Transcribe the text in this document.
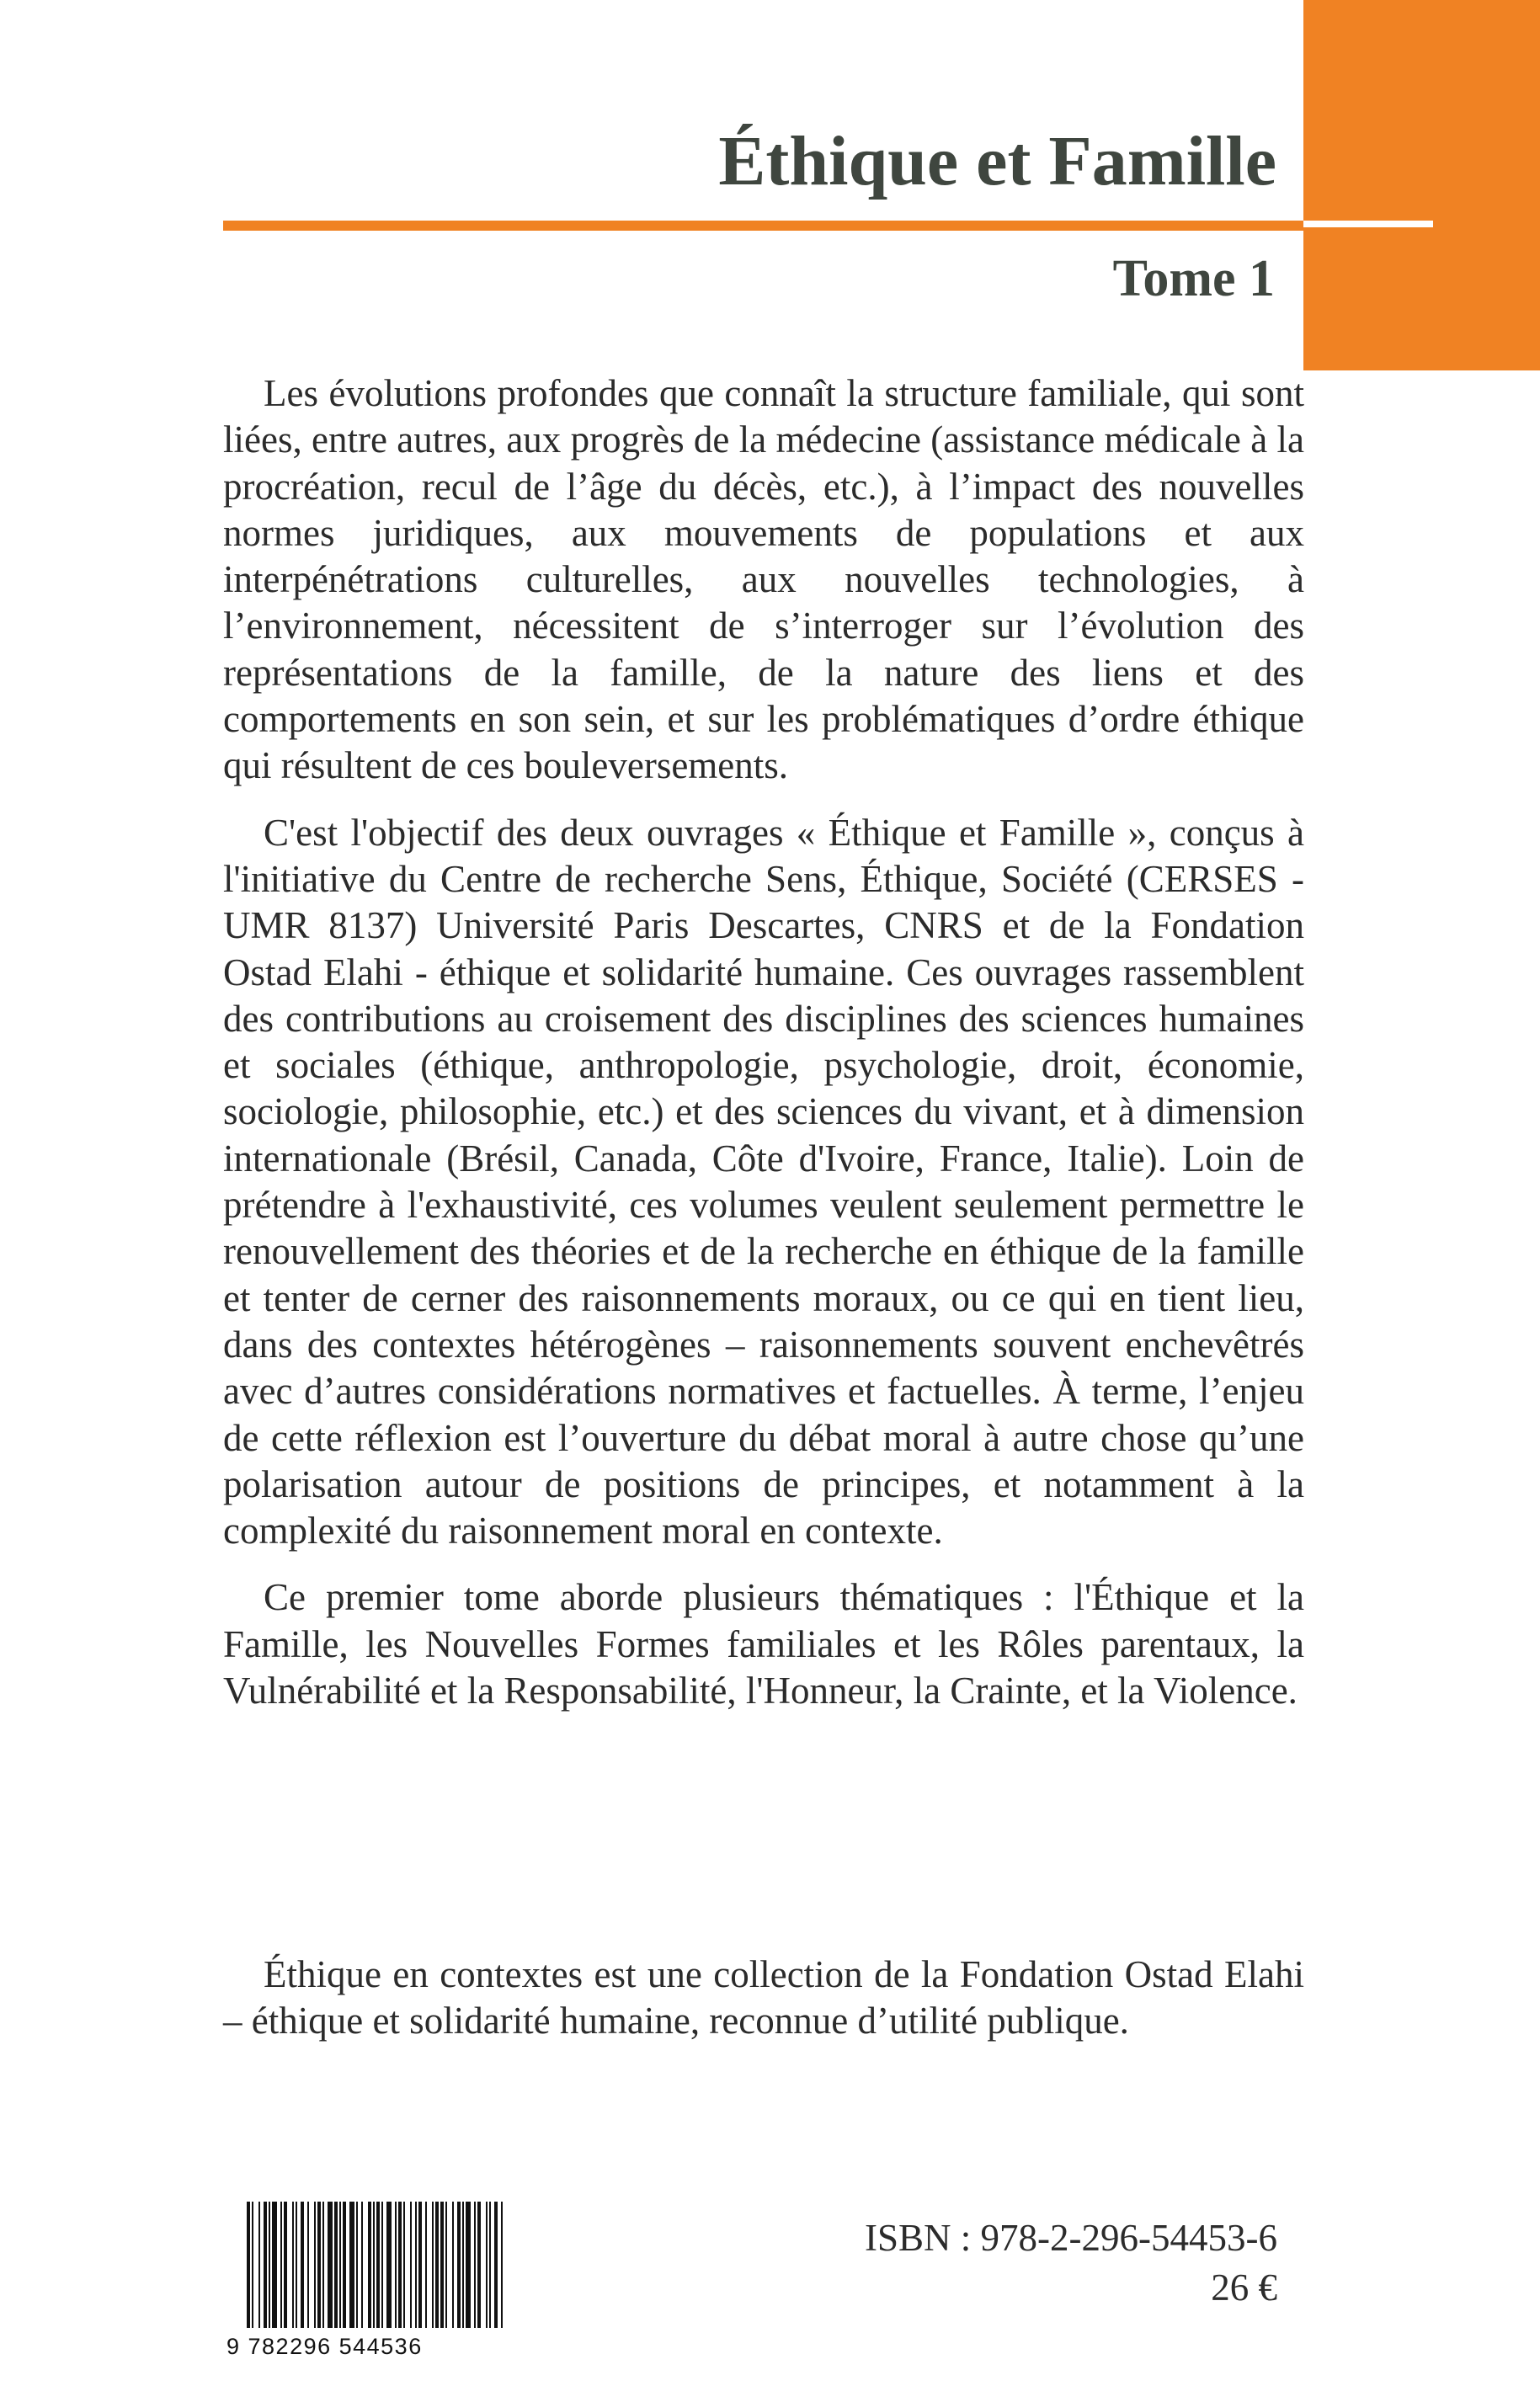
Éthique et Famille
Tome 1

Les évolutions profondes que connaît la structure familiale, qui sont liées, entre autres, aux progrès de la médecine (assistance médicale à la procréation, recul de l’âge du décès, etc.), à l’impact des nouvelles normes juridiques, aux mouvements de populations et aux interpénétrations culturelles, aux nouvelles technologies, à l’environnement, nécessitent de s’interroger sur l’évolution des représentations de la famille, de la nature des liens et des comportements en son sein, et sur les problématiques d’ordre éthique qui résultent de ces bouleversements.

C'est l'objectif des deux ouvrages « Éthique et Famille », conçus à l'initiative du Centre de recherche Sens, Éthique, Société (CERSES - UMR 8137) Université Paris Descartes, CNRS et de la Fondation Ostad Elahi - éthique et solidarité humaine. Ces ouvrages rassemblent des contributions au croisement des disciplines des sciences humaines et sociales (éthique, anthropologie, psychologie, droit, économie, sociologie, philosophie, etc.) et des sciences du vivant, et à dimension internationale (Brésil, Canada, Côte d'Ivoire, France, Italie). Loin de prétendre à l'exhaustivité, ces volumes veulent seulement permettre le renouvellement des théories et de la recherche en éthique de la famille et tenter de cerner des raisonnements moraux, ou ce qui en tient lieu, dans des contextes hétérogènes – raisonnements souvent enchevêtrés avec d’autres considérations normatives et factuelles. À terme, l’enjeu de cette réflexion est l’ouverture du débat moral à autre chose qu’une polarisation autour de positions de principes, et notamment à la complexité du raisonnement moral en contexte.

Ce premier tome aborde plusieurs thématiques : l'Éthique et la Famille, les Nouvelles Formes familiales et les Rôles parentaux, la Vulnérabilité et la Responsabilité, l'Honneur, la Crainte, et la Violence.

Éthique en contextes est une collection de la Fondation Ostad Elahi – éthique et solidarité humaine, reconnue d’utilité publique.

9 782296 544536

ISBN : 978-2-296-54453-6

26 €
